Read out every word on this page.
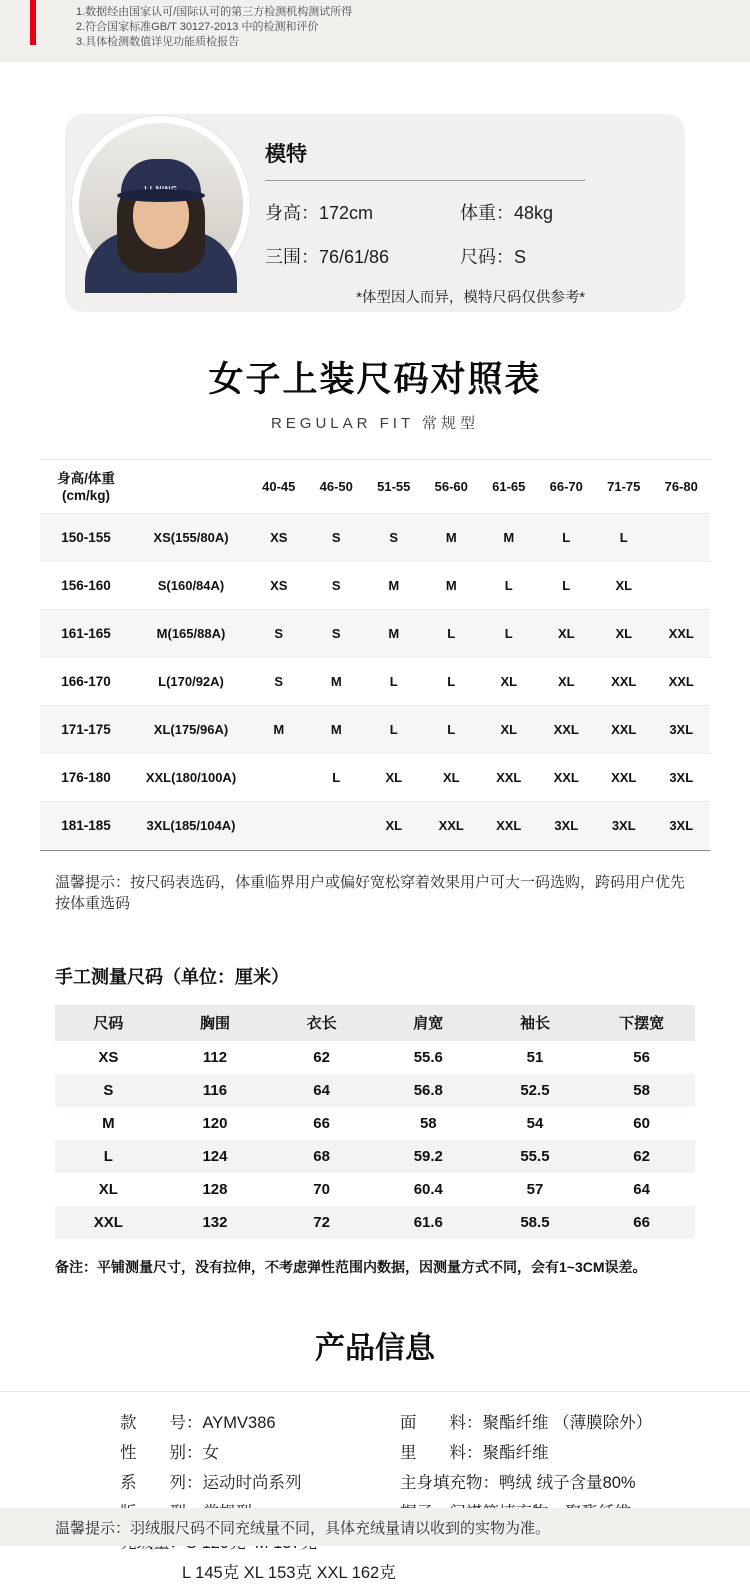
1.数据经由国家认可/国际认可的第三方检测机构测试所得
2.符合国家标准GB/T 30127-2013 中的检测和评价
3.具体检测数值详见功能质检报告
模特
身高：172cm	体重：48kg
三围：76/61/86	尺码：S
*体型因人而异，模特尺码仅供参考*
女子上装尺码对照表
REGULAR FIT 常规型
身高/体重
(cm/kg)		40-45	46-50	51-55	56-60	61-65	66-70	71-75	76-80
150-155	XS(155/80A)	XS	S	S	M	M	L	L	
156-160	S(160/84A)	XS	S	M	M	L	L	XL	
161-165	M(165/88A)	S	S	M	L	L	XL	XL	XXL
166-170	L(170/92A)	S	M	L	L	XL	XL	XXL	XXL
171-175	XL(175/96A)	M	M	L	L	XL	XXL	XXL	3XL
176-180	XXL(180/100A)		L	XL	XL	XXL	XXL	XXL	3XL
181-185	3XL(185/104A)			XL	XXL	XXL	3XL	3XL	3XL
温馨提示：按尺码表选码，体重临界用户或偏好宽松穿着效果用户可大一码选购，跨码用户优先按体重选码
手工测量尺码（单位：厘米）
尺码	胸围	衣长	肩宽	袖长	下摆宽
XS	112	62	55.6	51	56
S	116	64	56.8	52.5	58
M	120	66	58	54	60
L	124	68	59.2	55.5	62
XL	128	70	60.4	57	64
XXL	132	72	61.6	58.5	66
备注：平铺测量尺寸，没有拉伸，不考虑弹性范围内数据，因测量方式不同，会有1~3CM误差。
产品信息
款　　号：AYMV386
性　　别：女
系　　列：运动时尚系列
L 145克 XL 153克 XXL 162克
面　　料：聚酯纤维 （薄膜除外）
里　　料：聚酯纤维
主身填充物：鸭绒 绒子含量80%
温馨提示：羽绒服尺码不同充绒量不同，具体充绒量请以收到的实物为准。
